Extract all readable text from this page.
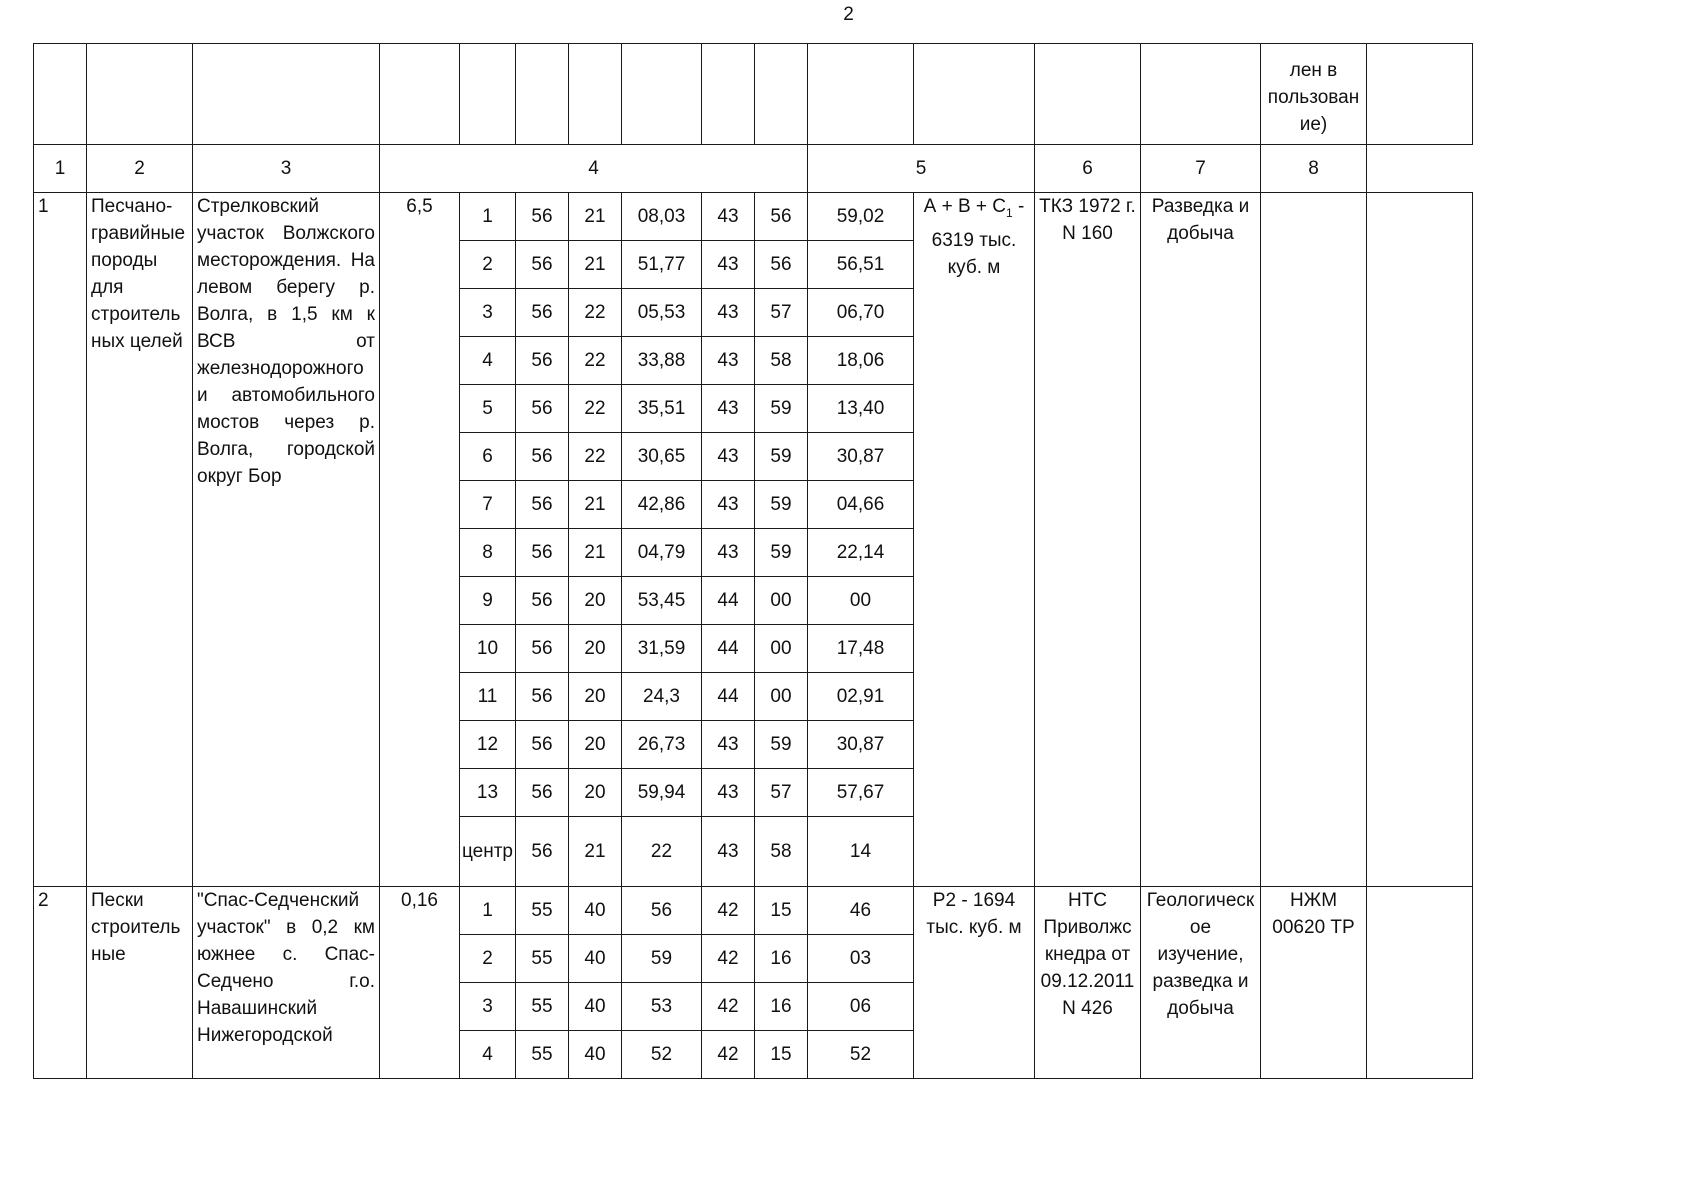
2

														лен в пользован ие)	

1	2	3	4							5		6	7	8	
1	Песчано-гравийные породы для строитель ных целей	Стрелковский участок Волжского месторождения. На левом берегу р. Волга, в 1,5 км к ВСВ от железнодорожного и автомобильного мостов через р. Волга, городской округ Бор	6,5	1	56	21	08,03	43	56	59,02	$А + В + С_1 - 6319$ тыс. куб. м	ТКЗ 1972 г. N 160	Разведка и добыча		
				2	56	21	51,77	43	56	56,51					
				3	56	22	05,53	43	57	06,70					
				4	56	22	33,88	43	58	18,06					
				5	56	22	35,51	43	59	13,40					
				6	56	22	30,65	43	59	30,87					
				7	56	21	42,86	43	59	04,66					
				8	56	21	04,79	43	59	22,14					
				9	56	20	53,45	44	00	00					
				10	56	20	31,59	44	00	17,48					
				11	56	20	24,3	44	00	02,91					
				12	56	20	26,73	43	59	30,87					
				13	56	20	59,94	43	57	57,67					
				центр	56	21	22	43	58	14					
2	Пески строитель ные	"Спас-Седченский участок" в 0,2 км южнее с. Спас-Седчено г.о. Навашинский Нижегородской	0,16	1	55	40	56	42	15	46	Р2 - 1694 тыс. куб. м	НТС Приволжс кнедра от 09.12.2011 N 426	Геологическ ое изучение, разведка и добыча	НЖМ 00620 ТР	
				2	55	40	59	42	16	03					
				3	55	40	53	42	16	06					
				4	55	40	52	42	15	52					
